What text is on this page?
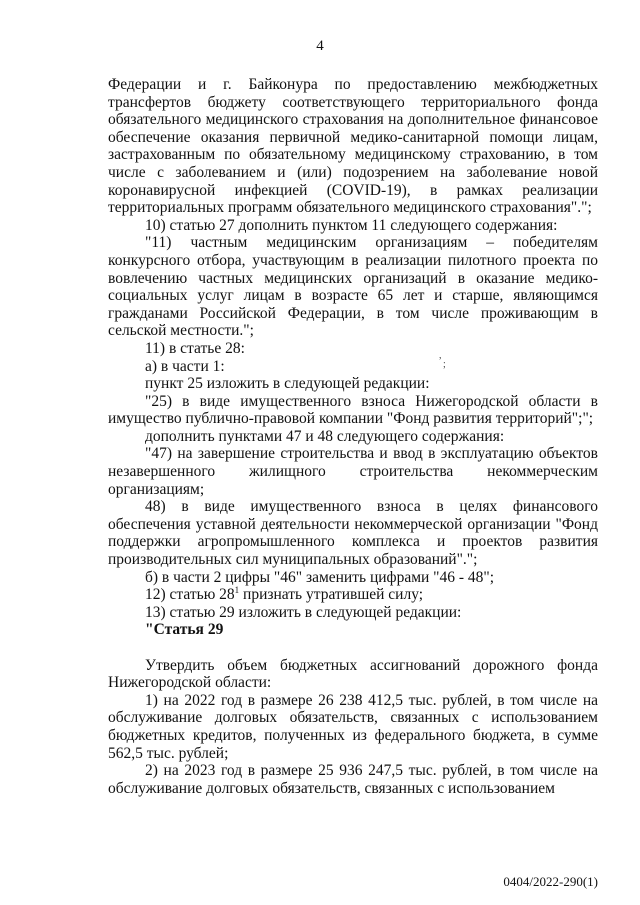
4

Федерации и г. Байконура по предоставлению межбюджетных трансфертов бюджету соответствующего территориального фонда обязательного медицинского страхования на дополнительное финансовое обеспечение оказания первичной медико-санитарной помощи лицам, застрахованным по обязательному медицинскому страхованию, в том числе с заболеванием и (или) подозрением на заболевание новой коронавирусной инфекцией (COVID-19), в рамках реализации территориальных программ обязательного медицинского страхования".";

10) статью 27 дополнить пунктом 11 следующего содержания:

"11) частным медицинским организациям – победителям конкурсного отбора, участвующим в реализации пилотного проекта по вовлечению частных медицинских организаций в оказание медико-социальных услуг лицам в возрасте 65 лет и старше, являющимся гражданами Российской Федерации, в том числе проживающим в сельской местности.";

11) в статье 28:

а) в части 1:

пункт 25 изложить в следующей редакции:

"25) в виде имущественного взноса Нижегородской области в имущество публично-правовой компании "Фонд развития территорий";";

дополнить пунктами 47 и 48 следующего содержания:

"47) на завершение строительства и ввод в эксплуатацию объектов незавершенного жилищного строительства некоммерческим организациям;

48) в виде имущественного взноса в целях финансового обеспечения уставной деятельности некоммерческой организации "Фонд поддержки агропромышленного комплекса и проектов развития производительных сил муниципальных образований".";

б) в части 2 цифры "46" заменить цифрами "46 - 48";

12) статью $28^1$ признать утратившей силу;

13) статью 29 изложить в следующей редакции:

"Статья 29

Утвердить объем бюджетных ассигнований дорожного фонда Нижегородской области:

1) на 2022 год в размере 26 238 412,5 тыс. рублей, в том числе на обслуживание долговых обязательств, связанных с использованием бюджетных кредитов, полученных из федерального бюджета, в сумме 562,5 тыс. рублей;

2) на 2023 год в размере 25 936 247,5 тыс. рублей, в том числе на обслуживание долговых обязательств, связанных с использованием

,
;
0404/2022-290(1)
